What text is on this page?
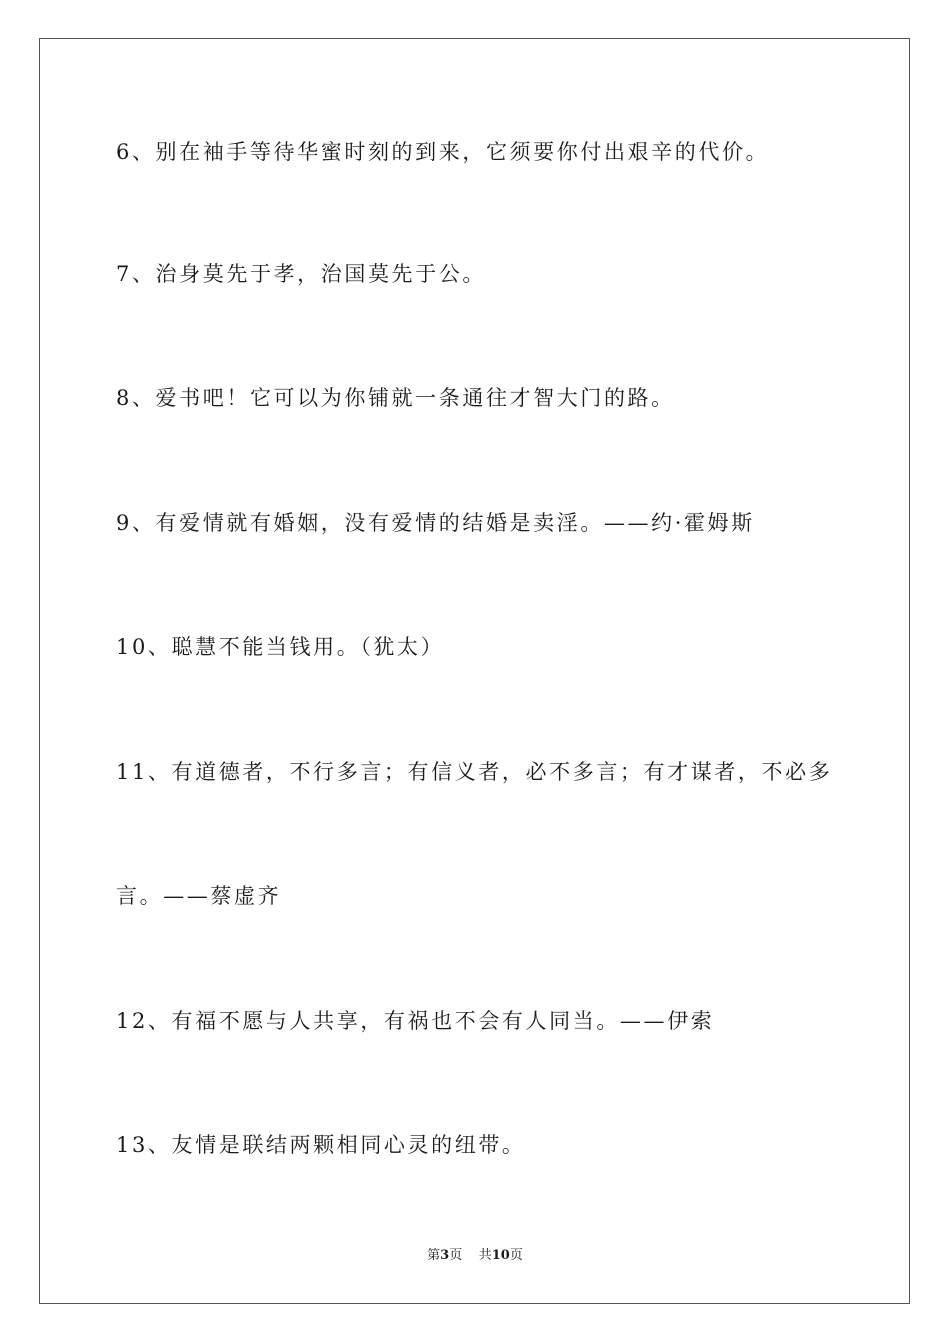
6、别在袖手等待华蜜时刻的到来，它须要你付出艰辛的代价。
7、治身莫先于孝，治国莫先于公。
8、爱书吧！它可以为你铺就一条通往才智大门的路。
9、有爱情就有婚姻，没有爱情的结婚是卖淫。——约·霍姆斯
10、聪慧不能当钱用。（犹太）
11、有道德者，不行多言；有信义者，必不多言；有才谋者，不必多
言。——蔡虚齐
12、有福不愿与人共享，有祸也不会有人同当。——伊索
13、友情是联结两颗相同心灵的纽带。
第3页 共10页
